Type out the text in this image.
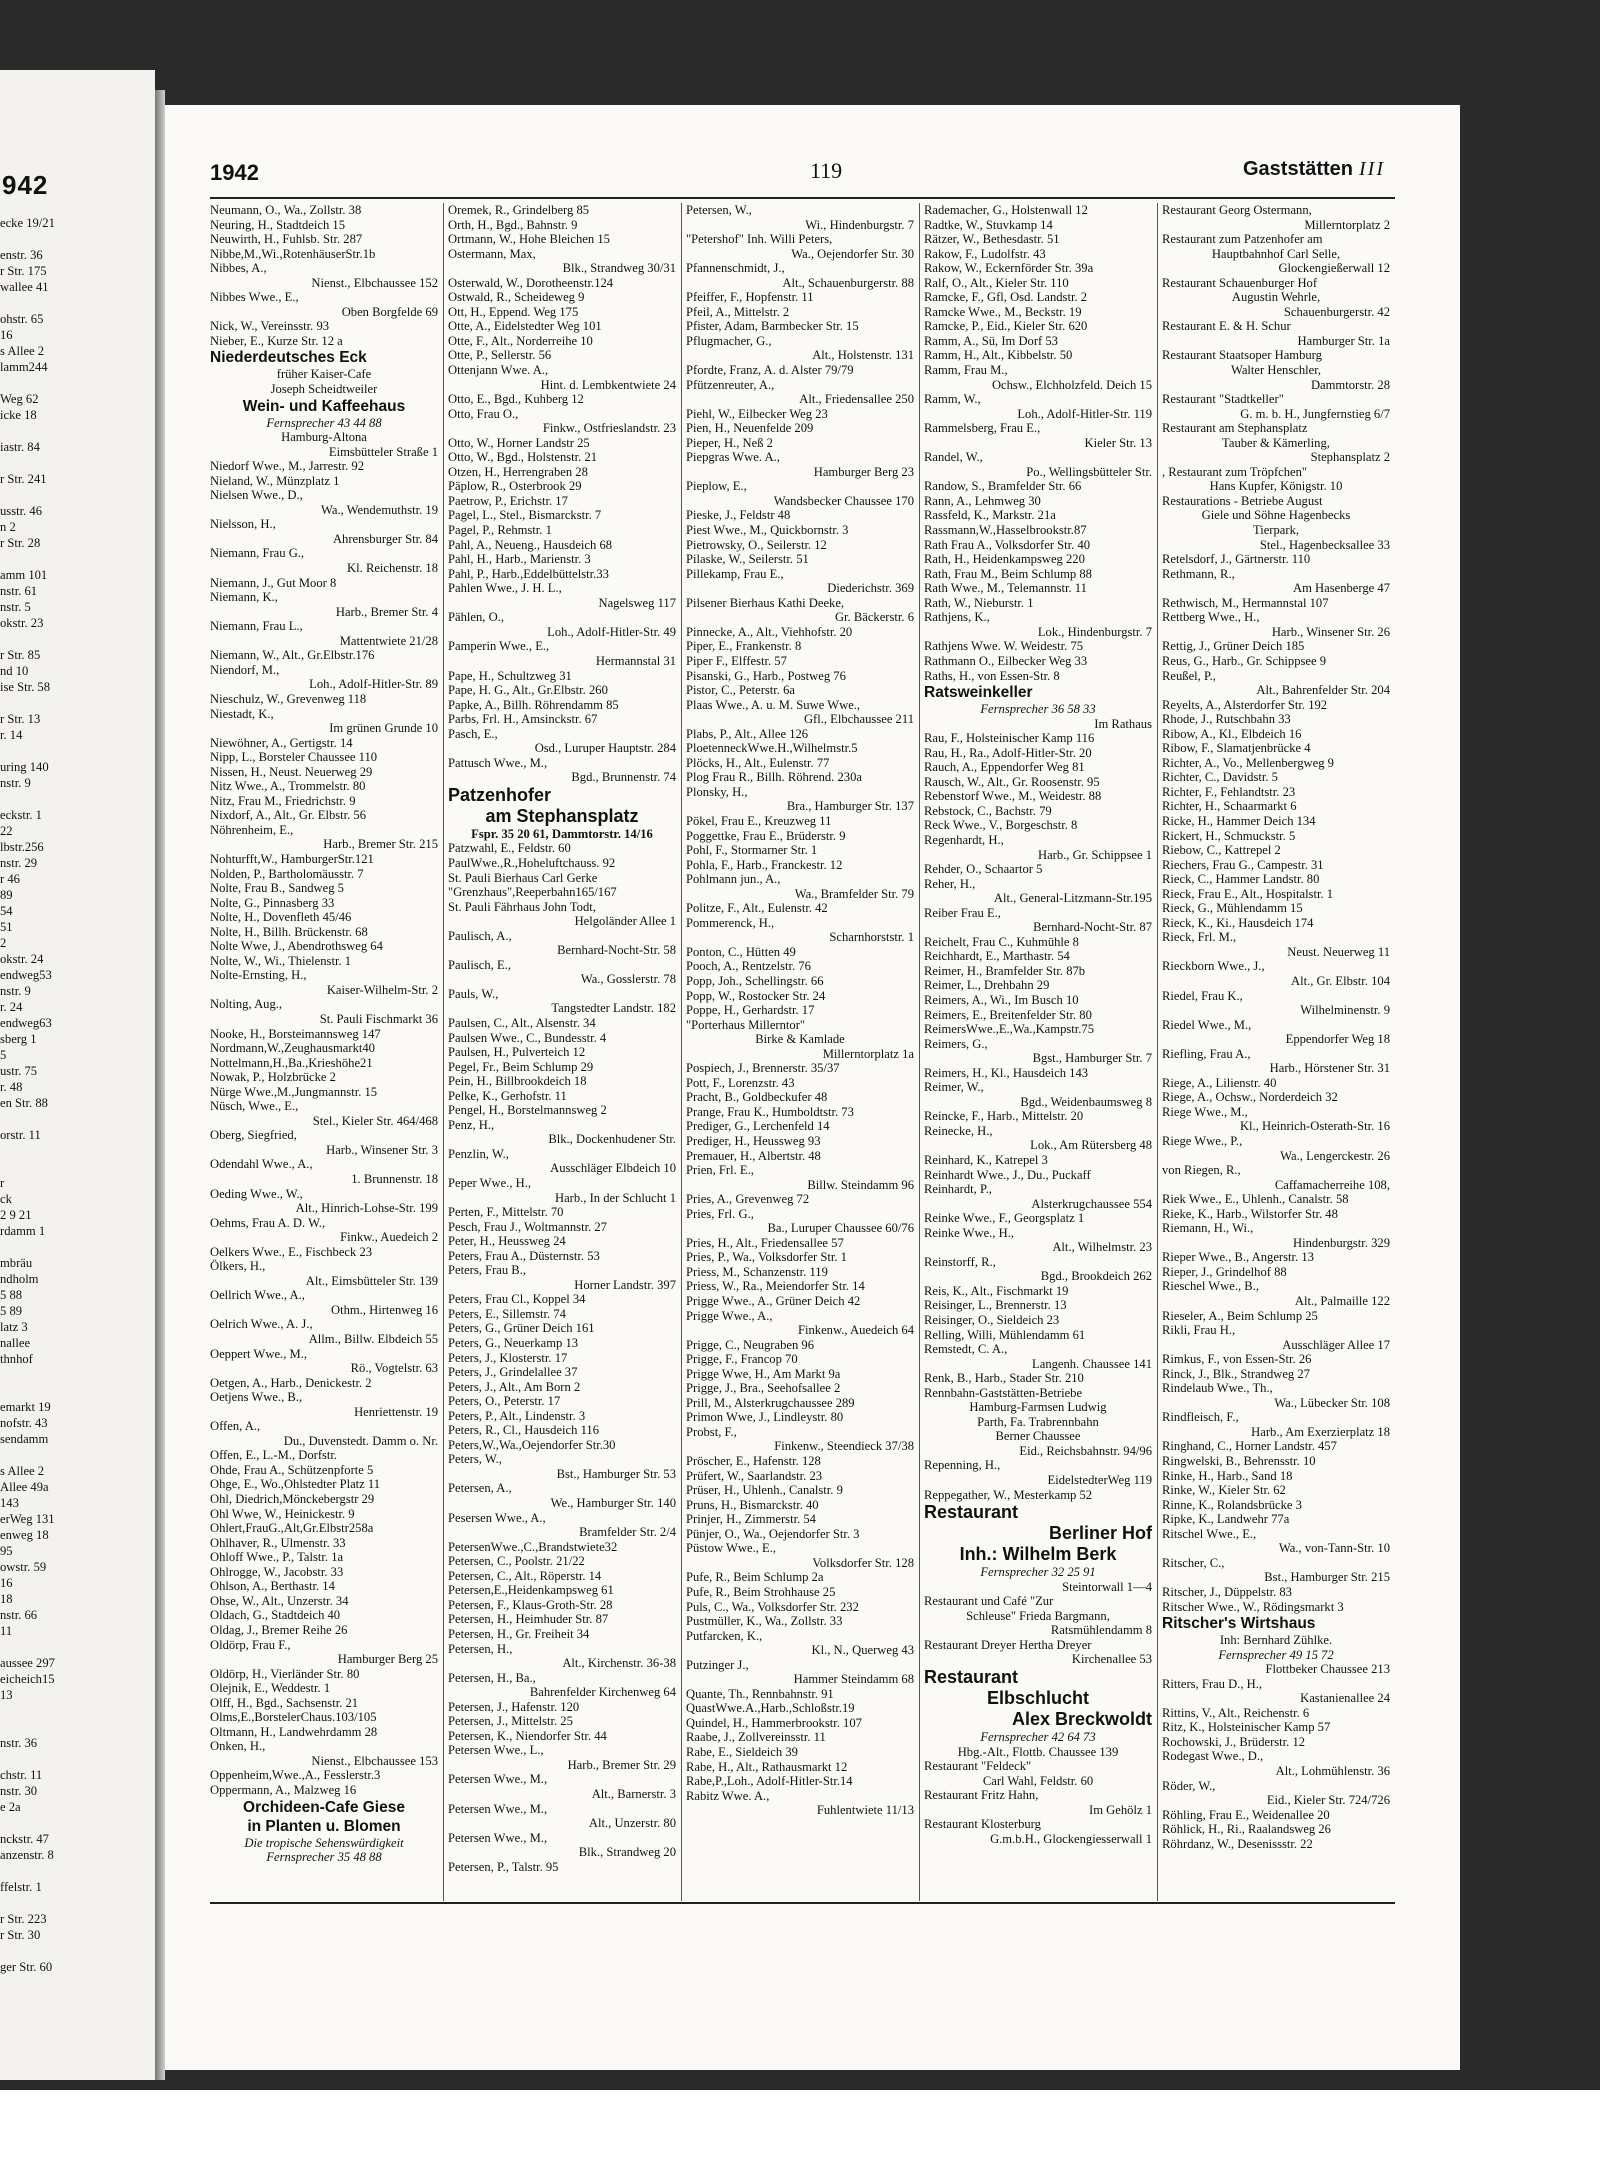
942
ecke 19/21
enstr. 36
r Str. 175
wallee 41
ohstr. 65
16
s Allee 2
lamm244
Weg 62
icke 18
iastr. 84
r Str. 241
usstr. 46
n 2
r Str. 28
amm 101
nstr. 61
nstr. 5
okstr. 23
r Str. 85
nd 10
ise Str. 58
r Str. 13
r. 14
uring 140
nstr. 9
eckstr. 1
22
lbstr.256
nstr. 29
r 46
89
54
51
2
okstr. 24
endweg53
nstr. 9
r. 24
endweg63
sberg 1
5
ustr. 75
r. 48
en Str. 88
orstr. 11
r
ck
2 9 21
rdamm 1
mbräu
ndholm
5 88
5 89
latz 3
nallee
thnhof
emarkt 19
nofstr. 43
sendamm
s Allee 2
Allee 49a
143
erWeg 131
enweg 18
95
owstr. 59
16
18
nstr. 66
11
aussee 297
eicheich15
13
nstr. 36
chstr. 11
nstr. 30
e 2a
nckstr. 47
anzenstr. 8
ffelstr. 1
r Str. 223
r Str. 30
ger Str. 60
1942	119	Gaststätten III
Neumann, O., Wa., Zollstr. 38
Neuring, H., Stadtdeich 15
Neuwirth, H., Fuhlsb. Str. 287
Nibbe,M.,Wi.,RotenhäuserStr.1b
Nibbes, A.,
Nienst., Elbchaussee 152
Nibbes Wwe., E.,
Oben Borgfelde 69
Nick, W., Vereinsstr. 93
Nieber, E., Kurze Str. 12 a
Niederdeutsches Eck
früher Kaiser-Cafe
Joseph Scheidtweiler
Wein- und Kaffeehaus
Fernsprecher 43 44 88
Hamburg-Altona
Eimsbütteler Straße 1
Niedorf Wwe., M., Jarrestr. 92
Nieland, W., Münzplatz 1
Nielsen Wwe., D.,
Wa., Wendemuthstr. 19
Nielsson, H.,
Ahrensburger Str. 84
Niemann, Frau G.,
Kl. Reichenstr. 18
Niemann, J., Gut Moor 8
Niemann, K.,
Harb., Bremer Str. 4
Niemann, Frau L.,
Mattentwiete 21/28
Niemann, W., Alt., Gr.Elbstr.176
Niendorf, M.,
Loh., Adolf-Hitler-Str. 89
Nieschulz, W., Grevenweg 118
Niestadt, K.,
Im grünen Grunde 10
Niewöhner, A., Gertigstr. 14
Nipp, L., Borsteler Chaussee 110
Nissen, H., Neust. Neuerweg 29
Nitz Wwe., A., Trommelstr. 80
Nitz, Frau M., Friedrichstr. 9
Nixdorf, A., Alt., Gr. Elbstr. 56
Nöhrenheim, E.,
Harb., Bremer Str. 215
Nohturfft,W., HamburgerStr.121
Nolden, P., Bartholomäusstr. 7
Nolte, Frau B., Sandweg 5
Nolte, G., Pinnasberg 33
Nolte, H., Dovenfleth 45/46
Nolte, H., Billh. Brückenstr. 68
Nolte Wwe, J., Abendrothsweg 64
Nolte, W., Wi., Thielenstr. 1
Nolte-Ernsting, H.,
Kaiser-Wilhelm-Str. 2
Nolting, Aug.,
St. Pauli Fischmarkt 36
Nooke, H., Borsteimannsweg 147
Nordmann,W.,Zeughausmarkt40
Nottelmann,H.,Ba.,Krieshöhe21
Nowak, P., Holzbrücke 2
Nürge Wwe.,M.,Jungmannstr. 15
Nüsch, Wwe., E.,
Stel., Kieler Str. 464/468
Oberg, Siegfried,
Harb., Winsener Str. 3
Odendahl Wwe., A.,
1. Brunnenstr. 18
Oeding Wwe., W.,
Alt., Hinrich-Lohse-Str. 199
Oehms, Frau A. D. W.,
Finkw., Auedeich 2
Oelkers Wwe., E., Fischbeck 23
Ölkers, H.,
Alt., Eimsbütteler Str. 139
Oellrich Wwe., A.,
Othm., Hirtenweg 16
Oelrich Wwe., A. J.,
Allm., Billw. Elbdeich 55
Oeppert Wwe., M.,
Rö., Vogtelstr. 63
Oetgen, A., Harb., Denickestr. 2
Oetjens Wwe., B.,
Henriettenstr. 19
Offen, A.,
Du., Duvenstedt. Damm o. Nr.
Offen, E., L.-M., Dorfstr.
Ohde, Frau A., Schützenpforte 5
Ohge, E., Wo.,Ohlstedter Platz 11
Ohl, Diedrich,Mönckebergstr 29
Ohl Wwe, W., Heinickestr. 9
Ohlert,FrauG.,Alt,Gr.Elbstr258a
Ohlhaver, R., Ulmenstr. 33
Ohloff Wwe., P., Talstr. 1a
Ohlrogge, W., Jacobstr. 33
Ohlson, A., Berthastr. 14
Ohse, W., Alt., Unzerstr. 34
Oldach, G., Stadtdeich 40
Oldag, J., Bremer Reihe 26
Oldörp, Frau F.,
Hamburger Berg 25
Oldörp, H., Vierländer Str. 80
Olejnik, E., Weddestr. 1
Olff, H., Bgd., Sachsenstr. 21
Olms,E.,BorstelerChaus.103/105
Oltmann, H., Landwehrdamm 28
Onken, H.,
Nienst., Elbchaussee 153
Oppenheim,Wwe.,A., Fesslerstr.3
Oppermann, A., Malzweg 16
Orchideen-Cafe Giese
in Planten u. Blomen
Die tropische Sehenswürdigkeit
Fernsprecher 35 48 88
Oremek, R., Grindelberg 85
Orth, H., Bgd., Bahnstr. 9
Ortmann, W., Hohe Bleichen 15
Ostermann, Max,
Blk., Strandweg 30/31
Osterwald, W., Dorotheenstr.124
Ostwald, R., Scheideweg 9
Ott, H., Eppend. Weg 175
Otte, A., Eidelstedter Weg 101
Otte, F., Alt., Norderreihe 10
Otte, P., Sellerstr. 56
Ottenjann Wwe. A.,
Hint. d. Lembkentwiete 24
Otto, E., Bgd., Kuhberg 12
Otto, Frau O.,
Finkw., Ostfrieslandstr. 23
Otto, W., Horner Landstr 25
Otto, W., Bgd., Holstenstr. 21
Otzen, H., Herrengraben 28
Päplow, R., Osterbrook 29
Paetrow, P., Erichstr. 17
Pagel, L., Stel., Bismarckstr. 7
Pagel, P., Rehmstr. 1
Pahl, A., Neueng., Hausdeich 68
Pahl, H., Harb., Marienstr. 3
Pahl, P., Harb.,Eddelbüttelstr.33
Pahlen Wwe., J. H. L.,
Nagelsweg 117
Pählen, O.,
Loh., Adolf-Hitler-Str. 49
Pamperin Wwe., E.,
Hermannstal 31
Pape, H., Schultzweg 31
Pape, H. G., Alt., Gr.Elbstr. 260
Papke, A., Billh. Röhrendamm 85
Parbs, Frl. H., Amsinckstr. 67
Pasch, E.,
Osd., Luruper Hauptstr. 284
Pattusch Wwe., M.,
Bgd., Brunnenstr. 74
Patzenhofer
am Stephansplatz
Fspr. 35 20 61, Dammtorstr. 14/16
Patzwahl, E., Feldstr. 60
PaulWwe.,R.,Hoheluftchauss. 92
St. Pauli Bierhaus Carl Gerke
"Grenzhaus",Reeperbahn165/167
St. Pauli Fährhaus John Todt,
Helgoländer Allee 1
Paulisch, A.,
Bernhard-Nocht-Str. 58
Paulisch, E.,
Wa., Gosslerstr. 78
Pauls, W.,
Tangstedter Landstr. 182
Paulsen, C., Alt., Alsenstr. 34
Paulsen Wwe., C., Bundesstr. 4
Paulsen, H., Pulverteich 12
Pegel, Fr., Beim Schlump 29
Pein, H., Billbrookdeich 18
Pelke, K., Gerhofstr. 11
Pengel, H., Borstelmannsweg 2
Penz, H.,
Blk., Dockenhudener Str.
Penzlin, W.,
Ausschläger Elbdeich 10
Peper Wwe., H.,
Harb., In der Schlucht 1
Perten, F., Mittelstr. 70
Pesch, Frau J., Woltmannstr. 27
Peter, H., Heussweg 24
Peters, Frau A., Düsternstr. 53
Peters, Frau B.,
Horner Landstr. 397
Peters, Frau Cl., Koppel 34
Peters, E., Sillemstr. 74
Peters, G., Grüner Deich 161
Peters, G., Neuerkamp 13
Peters, J., Klosterstr. 17
Peters, J., Grindelallee 37
Peters, J., Alt., Am Born 2
Peters, O., Peterstr. 17
Peters, P., Alt., Lindenstr. 3
Peters, R., Cl., Hausdeich 116
Peters,W.,Wa.,Oejendorfer Str.30
Peters, W.,
Bst., Hamburger Str. 53
Petersen, A.,
We., Hamburger Str. 140
Pesersen Wwe., A.,
Bramfelder Str. 2/4
PetersenWwe.,C.,Brandstwiete32
Petersen, C., Poolstr. 21/22
Petersen, C., Alt., Röperstr. 14
Petersen,E.,Heidenkampsweg 61
Petersen, F., Klaus-Groth-Str. 28
Petersen, H., Heimhuder Str. 87
Petersen, H., Gr. Freiheit 34
Petersen, H.,
Alt., Kirchenstr. 36-38
Petersen, H., Ba.,
Bahrenfelder Kirchenweg 64
Petersen, J., Hafenstr. 120
Petersen, J., Mittelstr. 25
Petersen, K., Niendorfer Str. 44
Petersen Wwe., L.,
Harb., Bremer Str. 29
Petersen Wwe., M.,
Alt., Barnerstr. 3
Petersen Wwe., M.,
Alt., Unzerstr. 80
Petersen Wwe., M.,
Blk., Strandweg 20
Petersen, P., Talstr. 95
Petersen, W.,
Wi., Hindenburgstr. 7
"Petershof" Inh. Willi Peters,
Wa., Oejendorfer Str. 30
Pfannenschmidt, J.,
Alt., Schauenburgerstr. 88
Pfeiffer, F., Hopfenstr. 11
Pfeil, A., Mittelstr. 2
Pfister, Adam, Barmbecker Str. 15
Pflugmacher, G.,
Alt., Holstenstr. 131
Pfordte, Franz, A. d. Alster 79/79
Pfützenreuter, A.,
Alt., Friedensallee 250
Piehl, W., Eilbecker Weg 23
Pien, H., Neuenfelde 209
Pieper, H., Neß 2
Piepgras Wwe. A.,
Hamburger Berg 23
Pieplow, E.,
Wandsbecker Chaussee 170
Pieske, J., Feldstr 48
Piest Wwe., M., Quickbornstr. 3
Pietrowsky, O., Seilerstr. 12
Pilaske, W., Seilerstr. 51
Pillekamp, Frau E.,
Diederichstr. 369
Pilsener Bierhaus Kathi Deeke,
Gr. Bäckerstr. 6
Pinnecke, A., Alt., Viehhofstr. 20
Piper, E., Frankenstr. 8
Piper F., Elffestr. 57
Pisanski, G., Harb., Postweg 76
Pistor, C., Peterstr. 6a
Plaas Wwe., A. u. M. Suwe Wwe.,
Gfl., Elbchaussee 211
Plabs, P., Alt., Allee 126
PloetenneckWwe.H.,Wilhelmstr.5
Plöcks, H., Alt., Eulenstr. 77
Plog Frau R., Billh. Röhrend. 230a
Plonsky, H.,
Bra., Hamburger Str. 137
Pökel, Frau E., Kreuzweg 11
Poggettke, Frau E., Brüderstr. 9
Pohl, F., Stormarner Str. 1
Pohla, F., Harb., Franckestr. 12
Pohlmann jun., A.,
Wa., Bramfelder Str. 79
Politze, F., Alt., Eulenstr. 42
Pommerenck, H.,
Scharnhorststr. 1
Ponton, C., Hütten 49
Pooch, A., Rentzelstr. 76
Popp, Joh., Schellingstr. 66
Popp, W., Rostocker Str. 24
Poppe, H., Gerhardstr. 17
"Porterhaus Millerntor"
Birke & Kamlade
Millerntorplatz 1a
Pospiech, J., Brennerstr. 35/37
Pott, F., Lorenzstr. 43
Pracht, B., Goldbeckufer 48
Prange, Frau K., Humboldtstr. 73
Prediger, G., Lerchenfeld 14
Prediger, H., Heussweg 93
Premauer, H., Albertstr. 48
Prien, Frl. E.,
Billw. Steindamm 96
Pries, A., Grevenweg 72
Pries, Frl. G.,
Ba., Luruper Chaussee 60/76
Pries, H., Alt., Friedensallee 57
Pries, P., Wa., Volksdorfer Str. 1
Priess, M., Schanzenstr. 119
Priess, W., Ra., Meiendorfer Str. 14
Prigge Wwe., A., Grüner Deich 42
Prigge Wwe., A.,
Finkenw., Auedeich 64
Prigge, C., Neugraben 96
Prigge, F., Francop 70
Prigge Wwe, H., Am Markt 9a
Prigge, J., Bra., Seehofsallee 2
Prill, M., Alsterkrugchaussee 289
Primon Wwe, J., Lindleystr. 80
Probst, F.,
Finkenw., Steendieck 37/38
Pröscher, E., Hafenstr. 128
Prüfert, W., Saarlandstr. 23
Prüser, H., Uhlenh., Canalstr. 9
Pruns, H., Bismarckstr. 40
Prinjer, H., Zimmerstr. 54
Pünjer, O., Wa., Oejendorfer Str. 3
Püstow Wwe., E.,
Volksdorfer Str. 128
Pufe, R., Beim Schlump 2a
Pufe, R., Beim Strohhause 25
Puls, C., Wa., Volksdorfer Str. 232
Pustmüller, K., Wa., Zollstr. 33
Putfarcken, K.,
Kl., N., Querweg 43
Putzinger J.,
Hammer Steindamm 68
Quante, Th., Rennbahnstr. 91
QuastWwe.A.,Harb.,Schloßstr.19
Quindel, H., Hammerbrookstr. 107
Raabe, J., Zollvereinsstr. 11
Rabe, E., Sieldeich 39
Rabe, H., Alt., Rathausmarkt 12
Rabe,P.,Loh., Adolf-Hitler-Str.14
Rabitz Wwe. A.,
Fuhlentwiete 11/13
Rademacher, G., Holstenwall 12
Radtke, W., Stuvkamp 14
Rätzer, W., Bethesdastr. 51
Rakow, F., Ludolfstr. 43
Rakow, W., Eckernförder Str. 39a
Ralf, O., Alt., Kieler Str. 110
Ramcke, F., Gfl, Osd. Landstr. 2
Ramcke Wwe., M., Beckstr. 19
Ramcke, P., Eid., Kieler Str. 620
Ramm, A., Sü, Im Dorf 53
Ramm, H., Alt., Kibbelstr. 50
Ramm, Frau M.,
Ochsw., Elchholzfeld. Deich 15
Ramm, W.,
Loh., Adolf-Hitler-Str. 119
Rammelsberg, Frau E.,
Kieler Str. 13
Randel, W.,
Po., Wellingsbütteler Str.
Randow, S., Bramfelder Str. 66
Rann, A., Lehmweg 30
Rassfeld, K., Markstr. 21a
Rassmann,W.,Hasselbrookstr.87
Rath Frau A., Volksdorfer Str. 40
Rath, H., Heidenkampsweg 220
Rath, Frau M., Beim Schlump 88
Rath Wwe., M., Telemannstr. 11
Rath, W., Nieburstr. 1
Rathjens, K.,
Lok., Hindenburgstr. 7
Rathjens Wwe. W. Weidestr. 75
Rathmann O., Eilbecker Weg 33
Raths, H., von Essen-Str. 8
Ratsweinkeller
Fernsprecher 36 58 33
Im Rathaus
Rau, F., Holsteinischer Kamp 116
Rau, H., Ra., Adolf-Hitler-Str. 20
Rauch, A., Eppendorfer Weg 81
Rausch, W., Alt., Gr. Roosenstr. 95
Rebenstorf Wwe., M., Weidestr. 88
Rebstock, C., Bachstr. 79
Reck Wwe., V., Borgeschstr. 8
Regenhardt, H.,
Harb., Gr. Schippsee 1
Rehder, O., Schaartor 5
Reher, H.,
Alt., General-Litzmann-Str.195
Reiber Frau E.,
Bernhard-Nocht-Str. 87
Reichelt, Frau C., Kuhmühle 8
Reichhardt, E., Marthastr. 54
Reimer, H., Bramfelder Str. 87b
Reimer, L., Drehbahn 29
Reimers, A., Wi., Im Busch 10
Reimers, E., Breitenfelder Str. 80
ReimersWwe.,E.,Wa.,Kampstr.75
Reimers, G.,
Bgst., Hamburger Str. 7
Reimers, H., Kl., Hausdeich 143
Reimer, W.,
Bgd., Weidenbaumsweg 8
Reincke, F., Harb., Mittelstr. 20
Reinecke, H.,
Lok., Am Rütersberg 48
Reinhard, K., Katrepel 3
Reinhardt Wwe., J., Du., Puckaff
Reinhardt, P.,
Alsterkrugchaussee 554
Reinke Wwe., F., Georgsplatz 1
Reinke Wwe., H.,
Alt., Wilhelmstr. 23
Reinstorff, R.,
Bgd., Brookdeich 262
Reis, K., Alt., Fischmarkt 19
Reisinger, L., Brennerstr. 13
Reisinger, O., Sieldeich 23
Relling, Willi, Mühlendamm 61
Remstedt, C. A.,
Langenh. Chaussee 141
Renk, B., Harb., Stader Str. 210
Rennbahn-Gaststätten-Betriebe
Hamburg-Farmsen Ludwig
Parth, Fa. Trabrennbahn
Berner Chaussee
Eid., Reichsbahnstr. 94/96
Repenning, H.,
EidelstedterWeg 119
Reppegather, W., Mesterkamp 52
Restaurant
Berliner Hof
Inh.: Wilhelm Berk
Fernsprecher 32 25 91
Steintorwall 1—4
Restaurant und Café "Zur
Schleuse" Frieda Bargmann,
Ratsmühlendamm 8
Restaurant Dreyer Hertha Dreyer
Kirchenallee 53
Restaurant
Elbschlucht
Alex Breckwoldt
Fernsprecher 42 64 73
Hbg.-Alt., Flottb. Chaussee 139
Restaurant "Feldeck"
Carl Wahl, Feldstr. 60
Restaurant Fritz Hahn,
Im Gehölz 1
Restaurant Klosterburg
G.m.b.H., Glockengiesserwall 1
Restaurant Georg Ostermann,
Millerntorplatz 2
Restaurant zum Patzenhofer am
Hauptbahnhof Carl Selle,
Glockengießerwall 12
Restaurant Schauenburger Hof
Augustin Wehrle,
Schauenburgerstr. 42
Restaurant E. & H. Schur
Hamburger Str. 1a
Restaurant Staatsoper Hamburg
Walter Henschler,
Dammtorstr. 28
Restaurant "Stadtkeller"
G. m. b. H., Jungfernstieg 6/7
Restaurant am Stephansplatz
Tauber & Kämerling,
Stephansplatz 2
, Restaurant zum Tröpfchen"
Hans Kupfer, Königstr. 10
Restaurations - Betriebe August
Giele und Söhne Hagenbecks
Tierpark,
Stel., Hagenbecksallee 33
Retelsdorf, J., Gärtnerstr. 110
Rethmann, R.,
Am Hasenberge 47
Rethwisch, M., Hermannstal 107
Rettberg Wwe., H.,
Harb., Winsener Str. 26
Rettig, J., Grüner Deich 185
Reus, G., Harb., Gr. Schippsee 9
Reußel, P.,
Alt., Bahrenfelder Str. 204
Reyelts, A., Alsterdorfer Str. 192
Rhode, J., Rutschbahn 33
Ribow, A., Kl., Elbdeich 16
Ribow, F., Slamatjenbrücke 4
Richter, A., Vo., Mellenbergweg 9
Richter, C., Davidstr. 5
Richter, F., Fehlandtstr. 23
Richter, H., Schaarmarkt 6
Ricke, H., Hammer Deich 134
Rickert, H., Schmuckstr. 5
Riebow, C., Kattrepel 2
Riechers, Frau G., Campestr. 31
Rieck, C., Hammer Landstr. 80
Rieck, Frau E., Alt., Hospitalstr. 1
Rieck, G., Mühlendamm 15
Rieck, K., Ki., Hausdeich 174
Rieck, Frl. M.,
Neust. Neuerweg 11
Rieckborn Wwe., J.,
Alt., Gr. Elbstr. 104
Riedel, Frau K.,
Wilhelminenstr. 9
Riedel Wwe., M.,
Eppendorfer Weg 18
Riefling, Frau A.,
Harb., Hörstener Str. 31
Riege, A., Lilienstr. 40
Riege, A., Ochsw., Norderdeich 32
Riege Wwe., M.,
Kl., Heinrich-Osterath-Str. 16
Riege Wwe., P.,
Wa., Lengerckestr. 26
von Riegen, R.,
Caffamacherreihe 108,
Riek Wwe., E., Uhlenh., Canalstr. 58
Rieke, K., Harb., Wilstorfer Str. 48
Riemann, H., Wi.,
Hindenburgstr. 329
Rieper Wwe., B., Angerstr. 13
Rieper, J., Grindelhof 88
Rieschel Wwe., B.,
Alt., Palmaille 122
Rieseler, A., Beim Schlump 25
Rikli, Frau H.,
Ausschläger Allee 17
Rimkus, F., von Essen-Str. 26
Rinck, J., Blk., Strandweg 27
Rindelaub Wwe., Th.,
Wa., Lübecker Str. 108
Rindfleisch, F.,
Harb., Am Exerzierplatz 18
Ringhand, C., Horner Landstr. 457
Ringwelski, B., Behrensstr. 10
Rinke, H., Harb., Sand 18
Rinke, W., Kieler Str. 62
Rinne, K., Rolandsbrücke 3
Ripke, K., Landwehr 77a
Ritschel Wwe., E.,
Wa., von-Tann-Str. 10
Ritscher, C.,
Bst., Hamburger Str. 215
Ritscher, J., Düppelstr. 83
Ritscher Wwe., W., Rödingsmarkt 3
Ritscher's Wirtshaus
Inh: Bernhard Zühlke.
Fernsprecher 49 15 72
Flottbeker Chaussee 213
Ritters, Frau D., H.,
Kastanienallee 24
Rittins, V., Alt., Reichenstr. 6
Ritz, K., Holsteinischer Kamp 57
Rochowski, J., Brüderstr. 12
Rodegast Wwe., D.,
Alt., Lohmühlenstr. 36
Röder, W.,
Eid., Kieler Str. 724/726
Röhling, Frau E., Weidenallee 20
Röhlick, H., Ri., Raalandsweg 26
Röhrdanz, W., Desenissstr. 22
